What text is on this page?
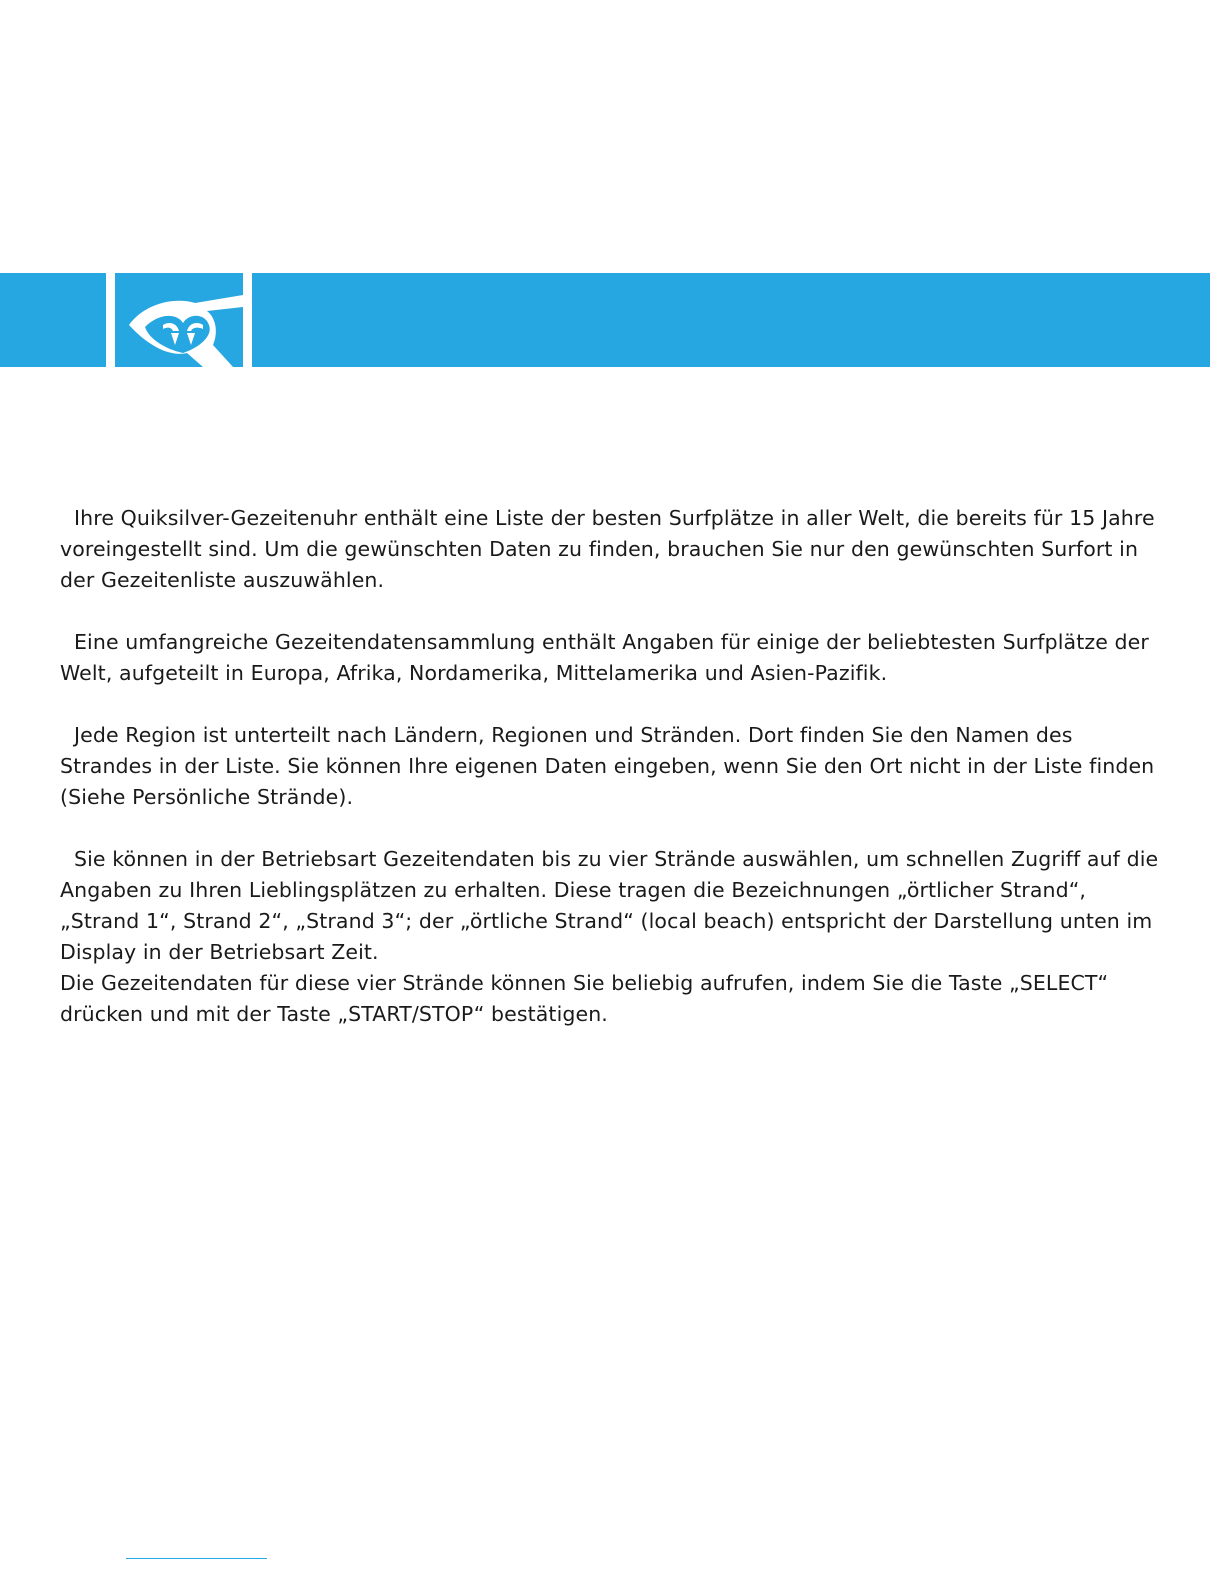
Ihre Quiksilver-Gezeitenuhr enthält eine Liste der besten Surfplätze in aller Welt, die bereits für 15 Jahre voreingestellt sind. Um die gewünschten Daten zu finden, brauchen Sie nur den gewünschten Surfort in der Gezeitenliste auszuwählen.

Eine umfangreiche Gezeitendatensammlung enthält Angaben für einige der beliebtesten Surfplätze der Welt, aufgeteilt in Europa, Afrika, Nordamerika, Mittelamerika und Asien-Pazifik.

Jede Region ist unterteilt nach Ländern, Regionen und Stränden. Dort finden Sie den Namen des Strandes in der Liste. Sie können Ihre eigenen Daten eingeben, wenn Sie den Ort nicht in der Liste finden (Siehe Persönliche Strände).

Sie können in der Betriebsart Gezeitendaten bis zu vier Strände auswählen, um schnellen Zugriff auf die Angaben zu Ihren Lieblingsplätzen zu erhalten. Diese tragen die Bezeichnungen „örtlicher Strand“, „Strand 1“, Strand 2“, „Strand 3“; der „örtliche Strand“ (local beach) entspricht der Darstellung unten im Display in der Betriebsart Zeit.

Die Gezeitendaten für diese vier Strände können Sie beliebig aufrufen, indem Sie die Taste „SELECT“ drücken und mit der Taste „START/STOP“ bestätigen.
